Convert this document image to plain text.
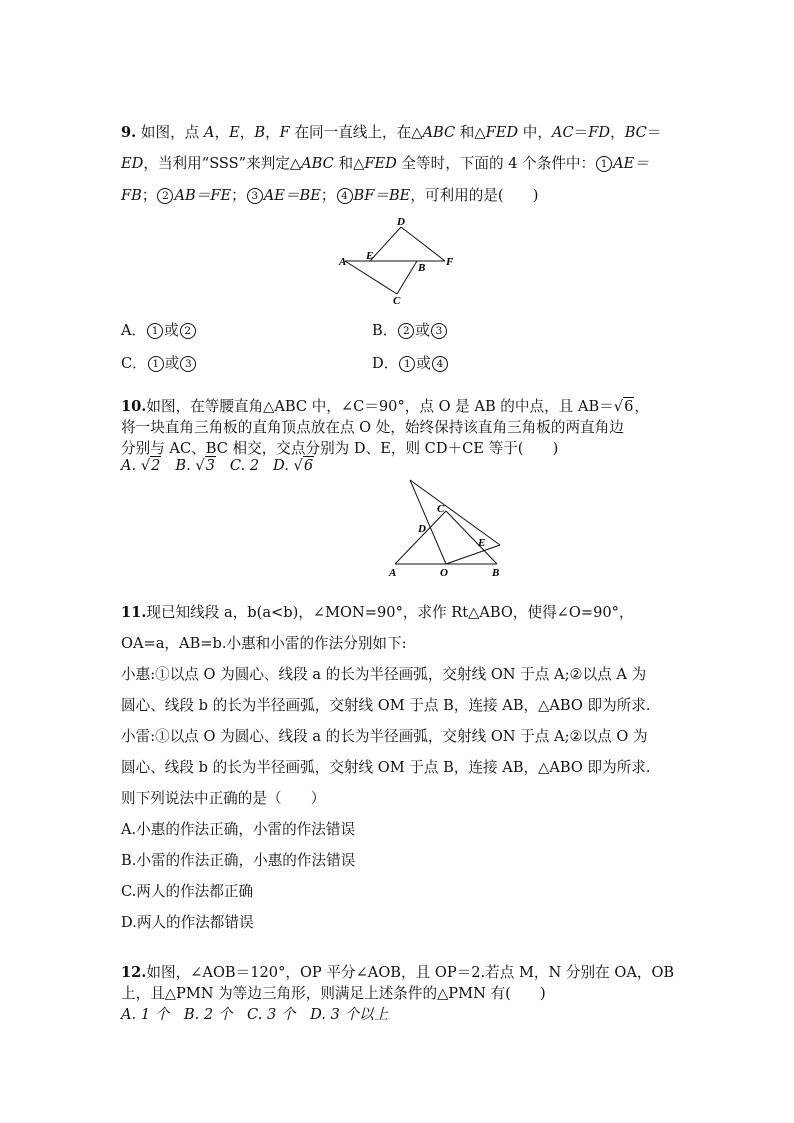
9. 如图，点 A，E，B，F 在同一直线上，在△ABC 和△FED 中，AC＝FD，BC＝
ED，当利用“SSS”来判定△ABC 和△FED 全等时，下面的 4 个条件中： 1 AE＝
FB； 2 AB＝FE； 3 AE＝BE； 4 BF＝BE，可利用的是(　　)
D
A E
B F
C
A． 1 或 2	B． 2 或 3
C． 1 或 3	D． 1 或 4
10.如图，在等腰直角△ABC 中，∠C＝90°，点 O 是 AB 的中点，且 AB＝√6，
将一块直角三角板的直角顶点放在点 O 处，始终保持该直角三角板的两直角边
分别与 AC、BC 相交，交点分别为 D、E，则 CD＋CE 等于(　　)
A. √2 B. √3 C. 2 D. √6
C
D
E
A	O	B
11.现已知线段 a，b(a<b)，∠MON=90°，求作 Rt△ABO，使得∠O=90°，
OA=a，AB=b.小惠和小雷的作法分别如下:
小惠:①以点 O 为圆心、线段 a 的长为半径画弧，交射线 ON 于点 A;②以点 A 为
圆心、线段 b 的长为半径画弧，交射线 OM 于点 B，连接 AB，△ABO 即为所求.
小雷:①以点 O 为圆心、线段 a 的长为半径画弧，交射线 ON 于点 A;②以点 O 为
圆心、线段 b 的长为半径画弧，交射线 OM 于点 B，连接 AB，△ABO 即为所求.
则下列说法中正确的是（　　）
A.小惠的作法正确，小雷的作法错误
B.小雷的作法正确，小惠的作法错误
C.两人的作法都正确
D.两人的作法都错误
12.如图，∠AOB＝120°，OP 平分∠AOB，且 OP＝2.若点 M，N 分别在 OA，OB
上，且△PMN 为等边三角形，则满足上述条件的△PMN 有(　　)
A. 1 个　B. 2 个　C. 3 个　D. 3 个以上
